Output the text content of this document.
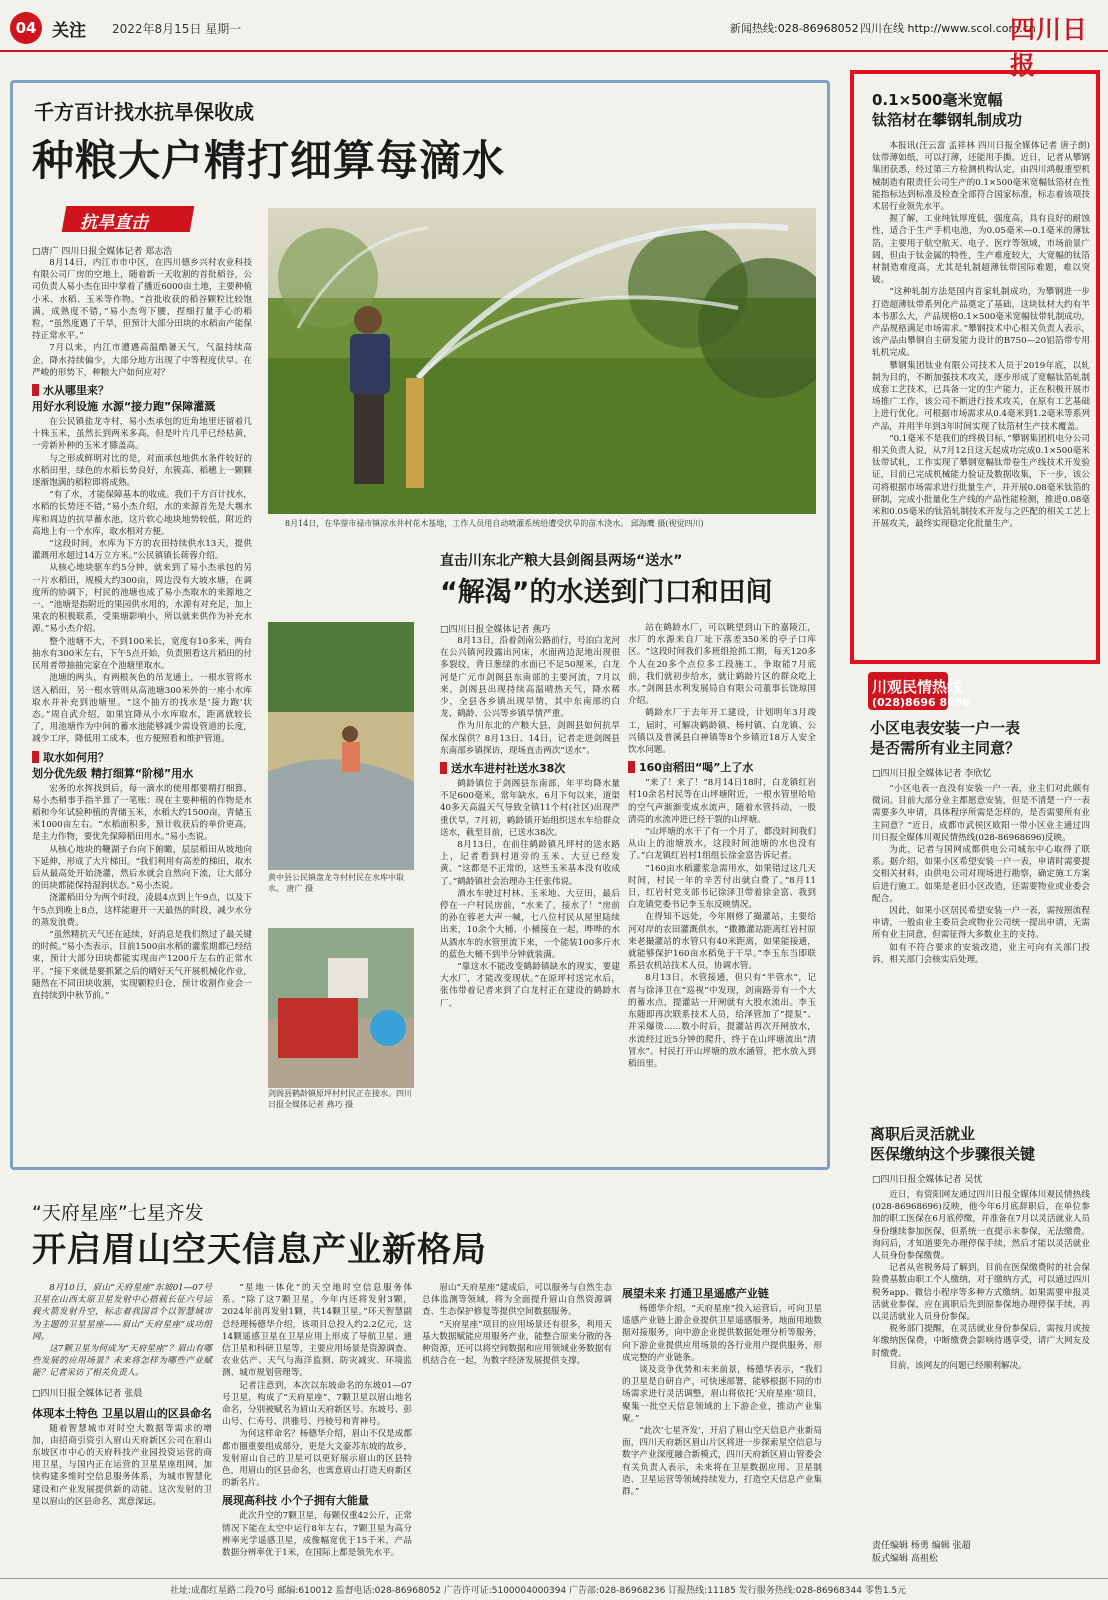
04 关注 2022年8月15日 星期一	新闻热线:028-86968052 四川在线 http://www.scol.com.cn
四川日报
千方百计找水抗旱保收成
种粮大户精打细算每滴水
抗旱直击
□唐广 四川日报全媒体记者 郑志浩

8月14日，内江市市中区，在四川德乡兴村农业科技有限公司厂房的空地上，随着新一天收割的首批稻谷，公司负责人易小杰在田中掌着了播近6000亩土地，主要种植小米、水稻、玉米等作物。“首批收获的稻谷颗粒比较饱满，成熟度不错，”易小杰弯下腰，捏细打量手心的稻粒，“虽然度遇了干旱，但预计大部分田块的水稻亩产能保持正常水平。”

7月以来，内江市遭遇高温酷暑天气，气温持续高企，降水持续偏少，大部分地方出现了中等程度伏旱。在严峻的形势下，种粮大户如何应对？

水从哪里来？
用好水利设施 水源“接力跑”保障灌溉

在公民镇盐龙寺村，易小杰承包的近角地里还留着几十株玉米，虽然长到两米多高，但是叶片几乎已经枯黄，一旁新补种的玉米才膝盖高。

与之形成鲜明对比的是，对面承包地供水条件较好的水稻田里，绿色的水稻长势良好，东簇高、稻穗上一颗颗逐渐饱满的稻粒即将成熟。

“有了水，才能保障基本的收成。我们千方百计找水，水稻的长势还不错，”易小杰介绍，水的来源首先是大堰水库和周边的抗旱蓄水池，这片软心地块地势较低，附近的高地上有一个水库，取水相对方便。

“这段时间，水库为下方的农田持续供水13天，提供灌溉用水超过14万立方米。”公民镇镇长蒋蓉介绍。

从核心地块驱车约5分钟，就来到了易小杰承包的另一片水稻田，规模大约300亩，周边没有大坡水塘，在调度所的协调下，村民的池塘也成了易小杰取水的来源地之一。“池塘是指附近的果园供水用的，水源有对充足，加上果农的积极联系，受果塘影响小，所以就来供作为补充水源。”易小杰介绍。

整个池塘不大，不到100米长，宽度有10多米，两台抽水有300米左右，下午5点开始，负责照看这片稻田的付民用者带抽抽完家在个池塘里取水。

池塘的两头，有两根灰色的吊龙通上，一根水管将水送入稻田，另一根水管则从高池塘300米外的一座小水库取水并补充到池塘里。“这个抽方的找水是‘接力跑’状态。”周自武介绍，如果宜降从小水库取水，距离就较长了，用池塘作为中间的蓄水池能够减少需设管道的长度，减少工序，降低用工成本，也方便照看和维护管道。

取水如何用？
划分优先级 精打细算“阶梯”用水

宏务的水挥找到后，每一滴水的使用都要精打细算。易小杰稍事手指半算了一笔账：现在主要种植的作物是水稻和今年试验种植的青储玉米，水稻大约1500亩，青储玉米1000亩左右。“水稻面积多，预计收获后的单价更高，是主力作物，要优先保障稻田用水。”易小杰说。

从核心地块的鞭湖子台向下俯瞰，层层稻田从坡地向下延伸，形成了大片梯田。“我们利用有高差的梯田，取水后从最高处开始浇灌，然后水就会自然向下流，让大部分的田块都能保持湿润状态。”易小杰说。

浇灌稻田分为两个时段，凌晨4点到上午9点，以及下午5点到晚上8点，这样能避开一天最热的时段，减少水分的蒸发浪费。

“虽然精抗天气还在延续，好消息是我们熬过了最关键的时候。”易小杰表示，目前1500亩水稻的灌浆期都已经结束，预计大部分田块都能实现亩产1200斤左右的正常水平。“接下来就是要抓紧之后的晴好天气开展机械化作业，随然在不同田块收割，实现颗粒归仓，预计收割作业会一直持续到中秋节前。”

8月14日，在华蓥市禄市镇凉水井村花木基地，工作人员用自动喷灌系统给遭受伏旱的苗木浇水。 邱海鹰 摄(视觉四川)
直击川东北产粮大县剑阁县两场“送水”
“解渴”的水送到门口和田间
黄中县公民镇盘龙寺村村民在水库中取水。 唐广 摄
剑阁县鹤龄镇原坪村村民正在接水。四川日报全媒体记者 燕巧 摄
□四川日报全媒体记者 燕巧

8月13日，沿着剑南公路前行，号泊白龙河在公兴镇河段露出河床，水面两边泥地出现很多裂纹，背日葱绿的水面已不足50厘米，白龙河是广元市剑阁县东南部的主要河流，7月以来，剑阁县出现持续高温晴热天气，降水稀少，全县各乡镇出现旱情，其中东南部的白龙、鹤龄、公兴等乡镇旱情严重。

作为川东北的产粮大县，剑阁县如何抗旱保水保供？8月13日、14日，记者走进剑阁县东南部乡镇探访，现场直击两次“送水”。

送水车进村社送水38次

鹤龄镇位于剑阁县东南部，年平均降水量不足600毫米，常年缺水。6月下旬以来，道渠40多天高温天气导致全镇11个村(社区)出现严重伏旱，7月初，鹤龄镇开始组织送水车给群众送水，截至目前，已送水38次。

8月13日，在前往鹤龄镇凡坪村的送水路上，记者看到村道旁的玉米、大豆已经发黄。“这都是不正常的，这些玉米基本没有收成了。”鹤龄镇社会治理办主任张伟说。

酒水车驶过村林、玉米地、大豆田，最后停在一户村民房前，“水来了，接水了！”房前的孙在蓉老大声一喊，七八位村民从屋里陆续出来，10余个大桶、小桶接在一起，哗哗的水从酒水车的水管里流下来，一个能装100多斤水的蓝色大桶不到半分钟就装满。

“靠这水不能改变鹤龄镇缺水的现实，要建大水厂，才能改变现状。”在原坪村送完水后，张伟带着记者来到了白龙村正在建设的鹤龄水厂。

站在鹤龄水厂，可以眺望到山下的嘉陵江，水厂的水源来自厂址下落差350米的亭子口库区。“这段时间我们多班组抢抓工期，每天120多个人在20多个点位多工段施工，争取能7月底前，我们就初步给水，就让鹤龄片区的群众吃上水。”剑阁县水利发展局自有限公司董事长饶琼国介绍。

鹤龄水厂于去年开工建设，计划明年3月竣工，届时，可解决鹤龄镇、杨村镇、白龙镇、公兴镇以及普溪县白神镇等8个乡镇近18万人安全饮水问题。

160亩稻田“喝”上了水

“来了！来了！”8月14日18时，白龙镇红岩村10余名村民等在山坪塘附近，一根水管里哈哈的空气声渐渐变成水流声，随着水管抖动，一股清亮的水流冲进已经干裂的山坪塘。

“山坪塘的水干了有一个月了，都没时间我们从山上的池塘放水，这段时间池塘的水也没有了。”白龙镇红岩村1组组长徐金富告诉记者。

“160亩水稻灌浆急需用水，如果错过这几天时间，村民一年的辛苦付出就白费了。”8月11日，红岩村党支部书记徐泽卫带着徐金富、我到白龙镇党委书记李玉东反映情况。

在得知不远处，今年刚修了撮灌站，主要给河对岸的农田灌溉供水，“撒撒灌站距离红岩村原来老撮灌站的水管只有40米距离，如果能接通，就能够保护160亩水稻免于干旱。”李玉东当即联系县农机站技术人员，协调水管。

8月13日，水管接通，但只有“半管水”，记者与徐泽卫在“巡视”中发现，剑南路旁有一个大的蓄水点，提灌站一开闸就有大股水流出。李玉东随即再次联系技术人员，给泽管加了“提泵”、并采爆烫……数小时后，提灌站再次开闸放水，水流经过近5分钟的爬升，终于在山坪塘流出“清冒水”。村民打开山坪塘的放水涵管，把水放入到稻田里。

“天府星座”七星齐发
开启眉山空天信息产业新格局

8月10日，眉山“天府星座”东坡01—07号卫星在山西太原卫星发射中心搭载长征六号运载火箭发射升空，标志着我国首个以智慧城市为主题的卫星星座——眉山“天府星座”成功组网。

这7颗卫星为何成为“天府星座”？眉山有哪些发展的应用场景？未来将怎样为哪些产业赋能？记者采访了相关负责人。

□四川日报全媒体记者 张晨
体现本土特色 卫星以眉山的区县命名

随着智慧城市对时空大数据等需求的增加，由招商引资引入眉山天府新区公司在眉山东坡区市中心的天府科技产业园投资运营的商用卫星，与国内正在运营的卫星星座组网，加快构建多维时空信息服务体系，为城市智慧化建设和产业发展提供新的动能。这次发射的卫星以眉山的区县命名，寓意深远。

“星地一体化”的天空地时空信息服务体系。“除了这7颗卫星，今年内还将发射3颗，2024年前再发射1颗，共14颗卫星。”环天智慧副总经理杨德华介绍，该项目总投入约2.2亿元，这14颗遥感卫星在卫星应用上形成了导航卫星、通信卫星和科研卫星等，主要应用场景是资源调查、农业估产、天气与海洋监测、防灾减灾、环境监测、城市规划管理等。

记者注意到，本次以东坡命名的东坡01—07号卫星，构成了“天府星座”，7颗卫星以眉山地名命名，分别被赋名为眉山天府新区号、东坡号、彭山号、仁寿号、洪雅号、丹棱号和青神号。

为何这样命名？杨德华介绍，眉山不仅是成都都市圈重要组成部分，更是大文豪苏东坡的故乡，发射眉山自己的卫星可以更好展示眉山的区县特色，用眉山的区县命名，也寓意眉山打造天府新区的新名片。

展现高科技 小个子拥有大能量

此次升空的7颗卫星，每颗仅重42公斤，正常情况下能在太空中运行8年左右，7颗卫星为高分辨率光学遥感卫星，成像幅宽优于15千米，产品数据分辨率优于1米，在国际上都是领先水平。

眉山“天府星座”建成后，可以服务与自然生态总体监测等领域，将为全面提升眉山自然资源调查、生态保护修复等提供空间数据服务。

“天府星座”项目的应用场景还有很多，利用天基大数据赋能应用服务产业，能整合原来分散的各种资源，还可以将空间数据和应用领域业务数据有机结合在一起，为数字经济发展提供支撑。

展望未来 打通卫星遥感产业链

杨德华介绍，“天府星座”投入运营后，可向卫星遥感产业链上游企业提供卫星遥感服务，地面用地数据对接服务，向中游企业提供数据处理分析等服务，向下游企业提供应用场景的各行业用户提供服务，形成完整的产业链条。

谈及竞争优势和未来前景，杨德华表示，“我们的卫星是自研自产，可快速部署，能够根据不同的市场需求进行灵活调整，眉山将依托‘天府星座’项目，聚集一批空天信息领域的上下游企业，推动产业集聚。”

“此次‘七星齐发’，开启了眉山空天信息产业新局面，四川天府新区眉山片区将进一步探索星空信息与数字产业深度融合新模式，四川天府新区眉山管委会有关负责人表示，未来将在卫星数据应用、卫星制造、卫星运营等领域持续发力，打造空天信息产业集群。”

0.1×500毫米宽幅
钛箔材在攀钢轧制成功

本报讯(汪云富 孟祥林 四川日报全媒体记者 唐子朗)钛带薄如纸，可以打薄，还能用手撕。近日，记者从攀钢集团获悉，经过第三方检测机构认定，由四川鸿舰重型机械制造有限责任公司生产的0.1×500毫米宽幅钛箔材在性能指标达到标准及检查全部符合国家标准，标志着该项技术居行业领先水平。

握了解，工业纯钛厚度低，强度高，具有良好的耐蚀性，适合于生产手机电池，为0.05毫米—0.1毫米的薄钛箔，主要用于航空航天、电子、医疗等领域，市场前景广阔，但由于钛金属的特性，生产难度较大，大宽幅的钛箔材制造难度高，尤其是轧制超薄钛带国际难题，难以突破。

“这种轧制方法是国内首家轧制成功，为攀钢进一步打造超薄钛带系列化产品奠定了基础，这块钛材大约有半本书那么大，产品规格0.1×500毫米宽幅钛带轧制成功，产品规格满足市场需求。”攀钢技术中心相关负责人表示，该产品由攀钢自主研发能力设计的B750—20铝箔带专用轧机完成。

攀钢集团钛业有限公司技术人员于2019年底，以轧制为目的，不断加强技术攻关，逐步形成了宽幅钛箔轧制成套工艺技术，已具备一定的生产能力，正在积极开展市场推广工作，该公司不断进行技术攻关，在原有工艺基础上进行优化。可根据市场需求从0.4毫米到1.2毫米等系列产品，并用半年到3年时间实现了钛箔材生产技术覆盖。

“0.1毫米不是我们的终极目标，”攀钢集团机电分公司相关负责人说，从7月12日这天起成功完成0.1×500毫米钛带试轧，工作实现了攀钢宽幅钛带卷生产线技术开发验证，目前已完成机械能力验证及数据收集，下一步，该公司将根据市场需求进行批量生产，并开展0.08毫米钛箔的研制，完成小批量化生产线的产品性能检测，推进0.08毫米和0.05毫米的钛箔轧制技术开发与之匹配的相关工艺上开展攻关，最终实现稳定化批量生产。

川观民情热线
(028)8696 8696
小区电表安装一户一表
是否需所有业主同意？
□四川日报全媒体记者 李欣忆

“小区电表一直没有安装一户一表，业主们对此颇有微词。目前大部分业主都愿意安装，但是不清楚一户一表需要多久申请，具体程序所需是怎样的，是否需要所有业主同意？”近日，成都市武侯区欧阳一带小区业主通过四川日报全媒体川观民情热线(028-86968696)反映。

为此，记者与国网成都供电公司城东中心取得了联系。据介绍，如果小区希望安装一户一表，申请时需要提交相关材料，由供电公司对现场进行勘察，确定施工方案后进行施工。如果是老旧小区改造，还需要物业或业委会配合。

因此，如果小区居民希望安装一户一表，需按照流程申请，一般由业主委员会或物业公司统一提出申请，无需所有业主同意，但需征得大多数业主的支持。

如有不符合要求的安装改造，业主可向有关部门投诉，相关部门会核实后处理。

离职后灵活就业
医保缴纳这个步骤很关键
□四川日报全媒体记者 吴忧

近日，有资阳网友通过四川日报全媒体川观民情热线(028-86968696)反映，他今年6月底辞职后，在单位参加的职工医保在6月底停缴，并准备在7月以灵活就业人员身份继续参加医保，但系统一直提示未参保，无法缴费。询问后，才知道要先办理停保手续，然后才能以灵活就业人员身份参保缴费。

记者从省税务局了解到，目前在医保缴费时的社会保险费基数由职工个人缴纳，对于缴纳方式，可以通过四川税务app、微信小程序等多种方式缴纳。如果需要申报灵活就业参保，应在离职后先到原参保地办理停保手续，再以灵活就业人员身份参保。

税务部门提醒，在灵活就业身份参保后，需按月或按年缴纳医保费，中断缴费会影响待遇享受，请广大网友及时缴费。

目前，该网友的问题已经顺利解决。

责任编辑 杨勇 编辑 张超
版式编辑 高祖松
社址:成都红星路二段70号 邮编:610012 监督电话:028-86968052 广告许可证:5100004000394 广告部:028-86968236 订报热线:11185 发行服务热线:028-86968344 零售1.5元
